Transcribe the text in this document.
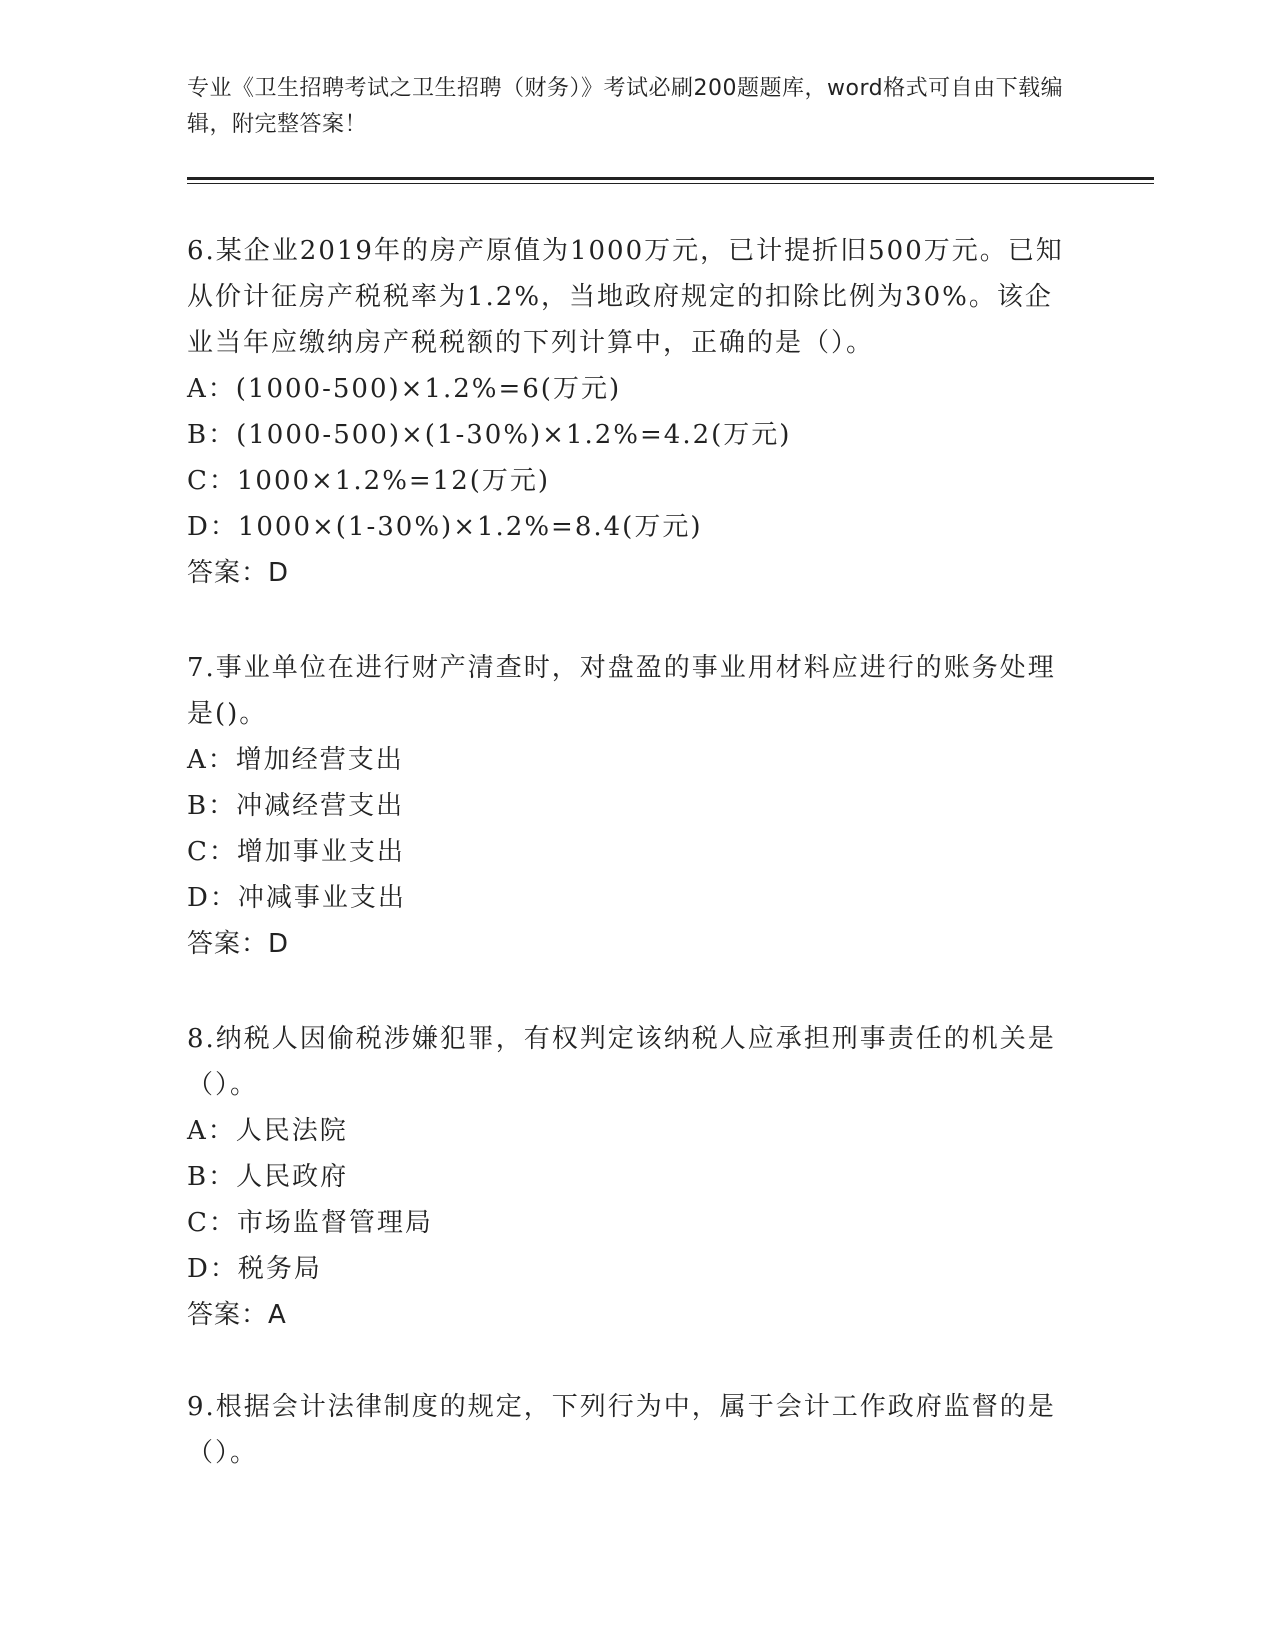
专业《卫生招聘考试之卫生招聘（财务）》考试必刷200题题库，word格式可自由下载编辑，附完整答案！
6.某企业2019年的房产原值为1000万元，已计提折旧500万元。已知从价计征房产税税率为1.2%，当地政府规定的扣除比例为30%。该企业当年应缴纳房产税税额的下列计算中，正确的是（）。
A：(1000-500)×1.2%=6(万元)
B：(1000-500)×(1-30%)×1.2%=4.2(万元)
C：1000×1.2%=12(万元)
D：1000×(1-30%)×1.2%=8.4(万元)
答案：D
7.事业单位在进行财产清查时，对盘盈的事业用材料应进行的账务处理是()。
A：增加经营支出
B：冲减经营支出
C：增加事业支出
D：冲减事业支出
答案：D
8.纳税人因偷税涉嫌犯罪，有权判定该纳税人应承担刑事责任的机关是（）。
A：人民法院
B：人民政府
C：市场监督管理局
D：税务局
答案：A
9.根据会计法律制度的规定，下列行为中，属于会计工作政府监督的是（）。
